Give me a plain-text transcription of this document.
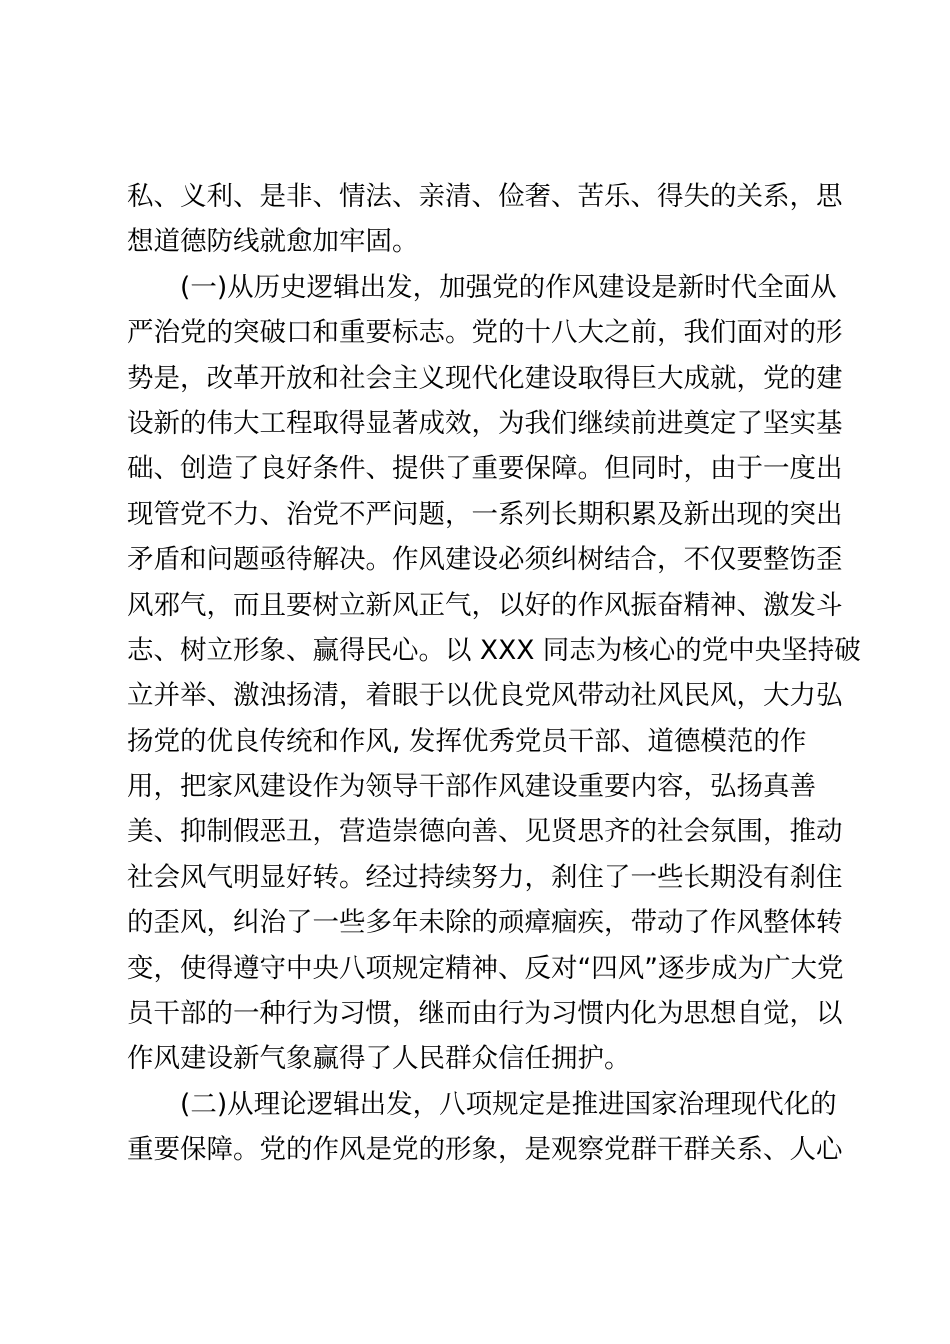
私、义利、是非、情法、亲清、俭奢、苦乐、得失的关系，思
想道德防线就愈加牢固。
(一)从历史逻辑出发，加强党的作风建设是新时代全面从
严治党的突破口和重要标志。党的十八大之前，我们面对的形
势是，改革开放和社会主义现代化建设取得巨大成就，党的建
设新的伟大工程取得显著成效，为我们继续前进奠定了坚实基
础、创造了良好条件、提供了重要保障。但同时，由于一度出
现管党不力、治党不严问题，一系列长期积累及新出现的突出
矛盾和问题亟待解决。作风建设必须纠树结合，不仅要整饬歪
风邪气，而且要树立新风正气，以好的作风振奋精神、激发斗
志、树立形象、赢得民心。以 XXX 同志为核心的党中央坚持破
立并举、激浊扬清，着眼于以优良党风带动社风民风，大力弘
扬党的优良传统和作风, 发挥优秀党员干部、道德模范的作
用，把家风建设作为领导干部作风建设重要内容，弘扬真善
美、抑制假恶丑，营造崇德向善、见贤思齐的社会氛围，推动
社会风气明显好转。经过持续努力，刹住了一些长期没有刹住
的歪风，纠治了一些多年未除的顽瘴痼疾，带动了作风整体转
变，使得遵守中央八项规定精神、反对“四风”逐步成为广大党
员干部的一种行为习惯，继而由行为习惯内化为思想自觉，以
作风建设新气象赢得了人民群众信任拥护。
(二)从理论逻辑出发，八项规定是推进国家治理现代化的
重要保障。党的作风是党的形象，是观察党群干群关系、人心
